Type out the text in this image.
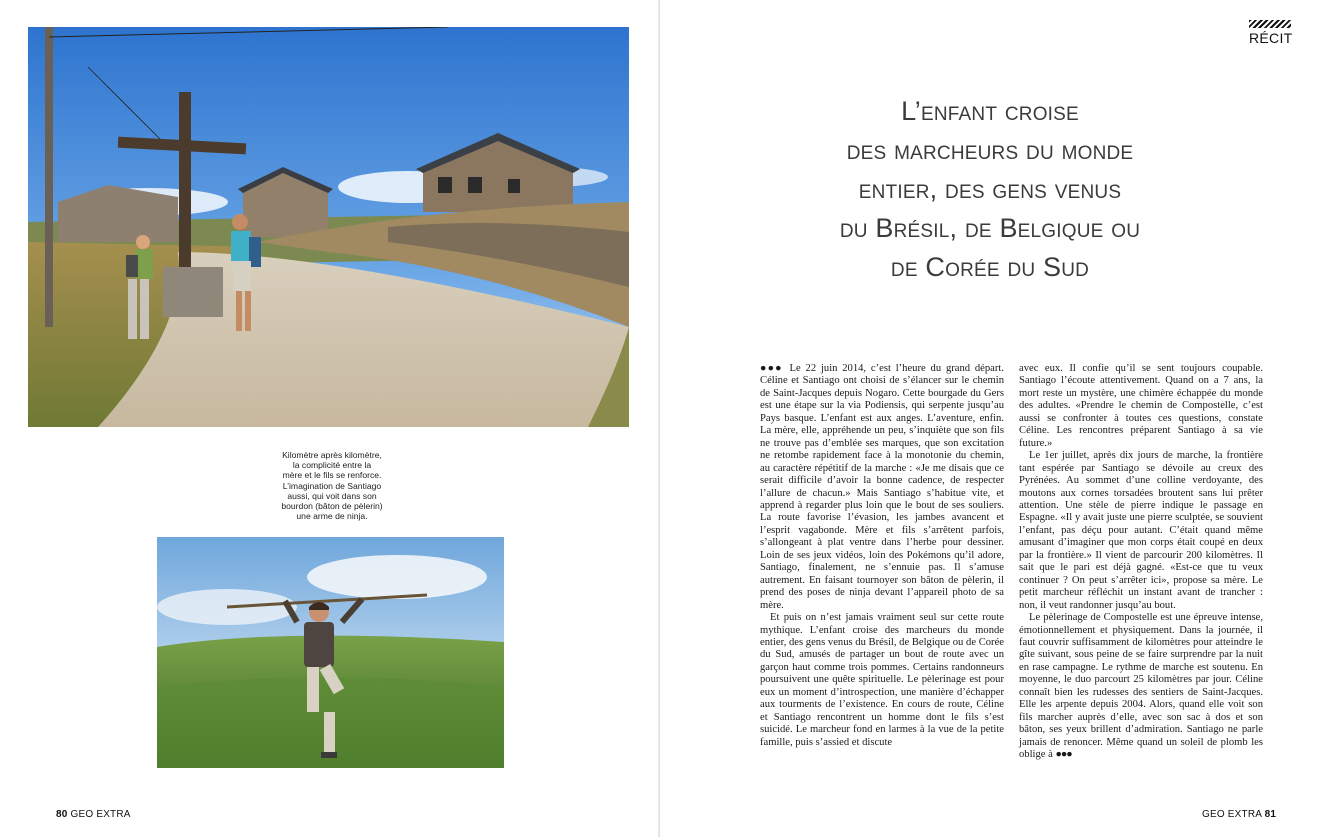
Kilomètre après kilomètre,
la complicité entre la
mère et le fils se renforce.
L’imagination de Santiago
aussi, qui voit dans son
bourdon (bâton de pèlerin)
une arme de ninja.
80 GEO EXTRA
RÉCIT
L’enfant croise
des marcheurs du monde
entier, des gens venus
du Brésil, de Belgique ou
de Corée du Sud

●●● Le 22 juin 2014, c’est l’heure du grand départ. Céline et Santiago ont choisi de s’élancer sur le chemin de Saint-Jacques depuis Nogaro. Cette bourgade du Gers est une étape sur la via Podiensis, qui serpente jusqu’au Pays basque. L’enfant est aux anges. L’aventure, enfin. La mère, elle, appréhende un peu, s’inquiète que son fils ne trouve pas d’emblée ses marques, que son excitation ne retombe rapidement face à la monotonie du chemin, au caractère répétitif de la marche : «Je me disais que ce serait difficile d’avoir la bonne cadence, de respecter l’allure de chacun.» Mais Santiago s’habitue vite, et apprend à regarder plus loin que le bout de ses souliers. La route favorise l’évasion, les jambes avancent et l’esprit vagabonde. Mère et fils s’arrêtent parfois, s’allongeant à plat ventre dans l’herbe pour dessiner. Loin de ses jeux vidéos, loin des Pokémons qu’il adore, Santiago, finalement, ne s’ennuie pas. Il s’amuse autrement. En faisant tournoyer son bâton de pèlerin, il prend des poses de ninja devant l’appareil photo de sa mère.

Et puis on n’est jamais vraiment seul sur cette route mythique. L’enfant croise des marcheurs du monde entier, des gens venus du Brésil, de Belgique ou de Corée du Sud, amusés de partager un bout de route avec un garçon haut comme trois pommes. Certains randonneurs poursuivent une quête spirituelle. Le pèlerinage est pour eux un moment d’introspection, une manière d’échapper aux tourments de l’existence. En cours de route, Céline et Santiago rencontrent un homme dont le fils s’est suicidé. Le marcheur fond en larmes à la vue de la petite famille, puis s’assied et discute

avec eux. Il confie qu’il se sent toujours coupable. Santiago l’écoute attentivement. Quand on a 7 ans, la mort reste un mystère, une chimère échappée du monde des adultes. «Prendre le chemin de Compostelle, c’est aussi se confronter à toutes ces questions, constate Céline. Les rencontres préparent Santiago à sa vie future.»

Le 1er juillet, après dix jours de marche, la frontière tant espérée par Santiago se dévoile au creux des Pyrénées. Au sommet d’une colline verdoyante, des moutons aux cornes torsadées broutent sans lui prêter attention. Une stèle de pierre indique le passage en Espagne. «Il y avait juste une pierre sculptée, se souvient l’enfant, pas déçu pour autant. C’était quand même amusant d’imaginer que mon corps était coupé en deux par la frontière.» Il vient de parcourir 200 kilomètres. Il sait que le pari est déjà gagné. «Est-ce que tu veux continuer ? On peut s’arrêter ici», propose sa mère. Le petit marcheur réfléchit un instant avant de trancher : non, il veut randonner jusqu’au bout.

Le pèlerinage de Compostelle est une épreuve intense, émotionnellement et physiquement. Dans la journée, il faut couvrir suffisamment de kilomètres pour atteindre le gîte suivant, sous peine de se faire surprendre par la nuit en rase campagne. Le rythme de marche est soutenu. En moyenne, le duo parcourt 25 kilomètres par jour. Céline connaît bien les rudesses des sentiers de Saint-Jacques. Elle les arpente depuis 2004. Alors, quand elle voit son fils marcher auprès d’elle, avec son sac à dos et son bâton, ses yeux brillent d’admiration. Santiago ne parle jamais de renoncer. Même quand un soleil de plomb les oblige à ●●●

GEO EXTRA 81
